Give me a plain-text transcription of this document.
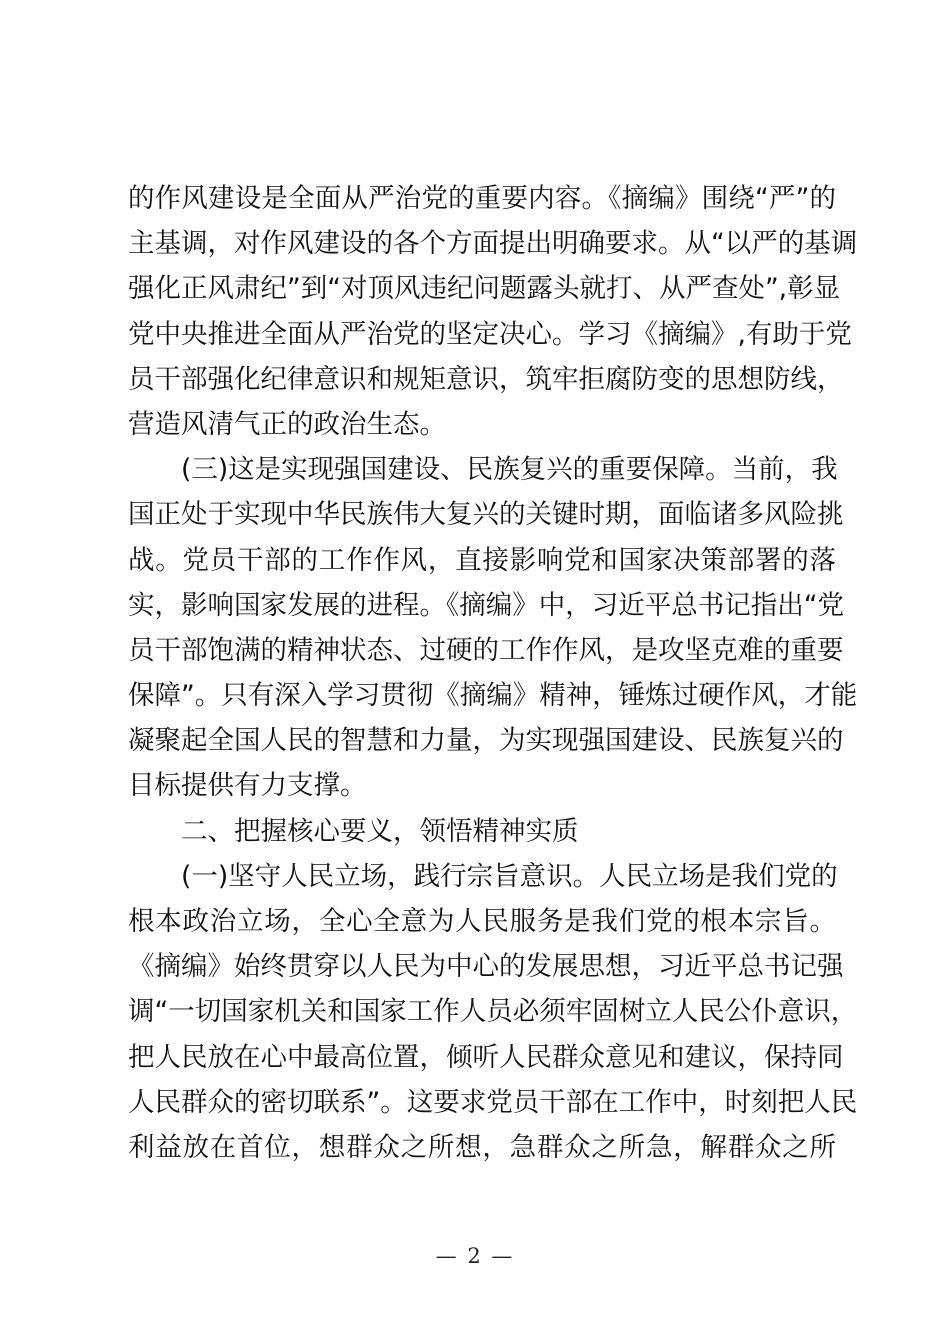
的作风建设是全面从严治党的重要内容。《摘编》围绕“严”的
主基调，对作风建设的各个方面提出明确要求。从“以严的基调
强化正风肃纪”到“对顶风违纪问题露头就打、从严查处”,彰显
党中央推进全面从严治党的坚定决心。学习《摘编》,有助于党
员干部强化纪律意识和规矩意识，筑牢拒腐防变的思想防线，
营造风清气正的政治生态。
(三)这是实现强国建设、民族复兴的重要保障。当前，我
国正处于实现中华民族伟大复兴的关键时期，面临诸多风险挑
战。党员干部的工作作风，直接影响党和国家决策部署的落
实，影响国家发展的进程。《摘编》中，习近平总书记指出“党
员干部饱满的精神状态、过硬的工作作风，是攻坚克难的重要
保障”。只有深入学习贯彻《摘编》精神，锤炼过硬作风，才能
凝聚起全国人民的智慧和力量，为实现强国建设、民族复兴的
目标提供有力支撑。
二、把握核心要义，领悟精神实质
(一)坚守人民立场，践行宗旨意识。人民立场是我们党的
根本政治立场，全心全意为人民服务是我们党的根本宗旨。
《摘编》始终贯穿以人民为中心的发展思想，习近平总书记强
调“一切国家机关和国家工作人员必须牢固树立人民公仆意识，
把人民放在心中最高位置，倾听人民群众意见和建议，保持同
人民群众的密切联系”。这要求党员干部在工作中，时刻把人民
利益放在首位，想群众之所想，急群众之所急，解群众之所
— 2 —
